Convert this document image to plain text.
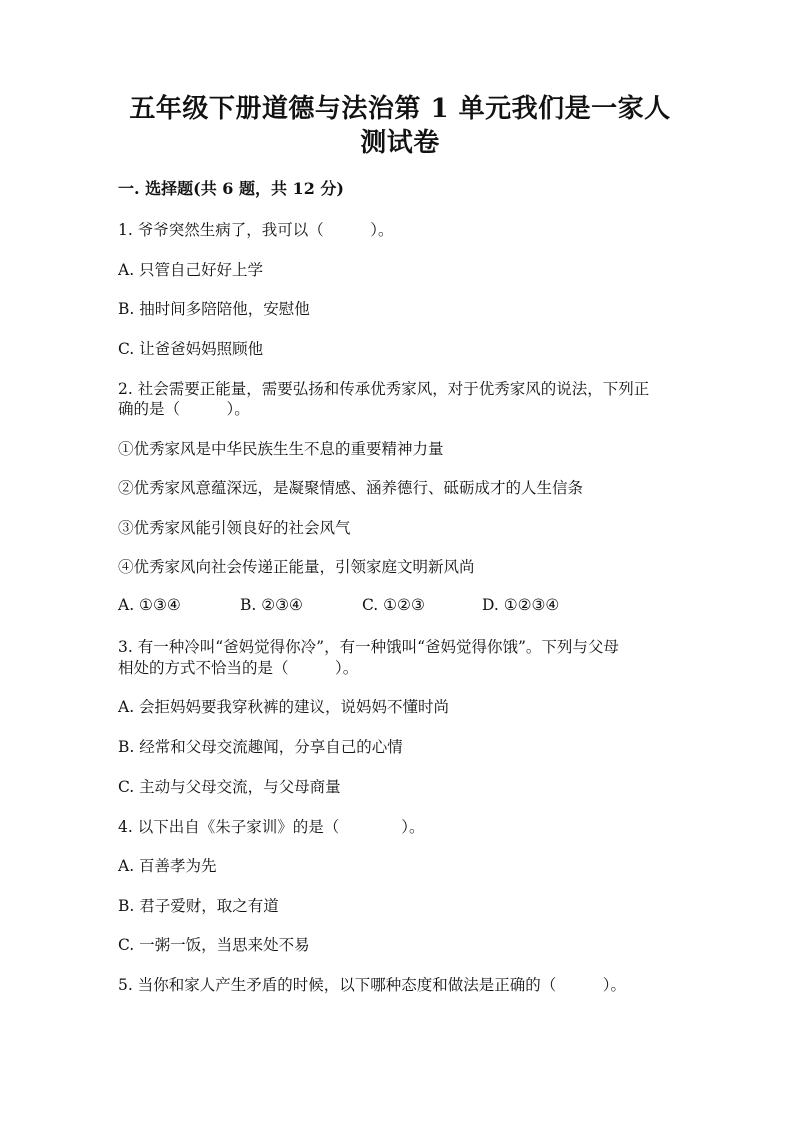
五年级下册道德与法治第 1 单元我们是一家人测试卷
一. 选择题(共 6 题，共 12 分)
1. 爷爷突然生病了，我可以（　　　）。
A. 只管自己好好上学
B. 抽时间多陪陪他，安慰他
C. 让爸爸妈妈照顾他
2. 社会需要正能量，需要弘扬和传承优秀家风，对于优秀家风的说法，下列正
确的是（　　　）。
①优秀家风是中华民族生生不息的重要精神力量
②优秀家风意蕴深远，是凝聚情感、涵养德行、砥砺成才的人生信条
③优秀家风能引领良好的社会风气
④优秀家风向社会传递正能量，引领家庭文明新风尚
A. ①③④	B. ②③④	C. ①②③	D. ①②③④
3. 有一种冷叫“爸妈觉得你冷”，有一种饿叫“爸妈觉得你饿”。下列与父母
相处的方式不恰当的是（　　　）。
A. 会拒妈妈要我穿秋裤的建议，说妈妈不懂时尚
B. 经常和父母交流趣闻，分享自己的心情
C. 主动与父母交流，与父母商量
4. 以下出自《朱子家训》的是（　　　　）。
A. 百善孝为先
B. 君子爱财，取之有道
C. 一粥一饭，当思来处不易
5. 当你和家人产生矛盾的时候，以下哪种态度和做法是正确的（　　　）。
